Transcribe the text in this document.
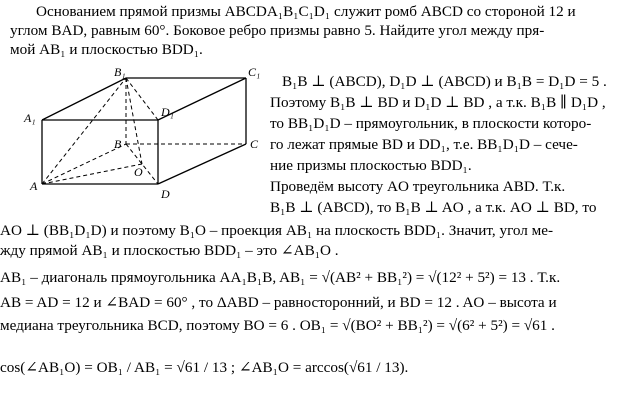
Основанием прямой призмы ABCDA₁B₁C₁D₁ служит ромб ABCD со стороной 12 и
углом BAD, равным 60°. Боковое ребро призмы равно 5. Найдите угол между пря-
мой AB₁ и плоскостью BDD₁.
A
B	C
D
A₁
B₁	C₁
D₁
O
B₁B ⊥ (ABCD), D₁D ⊥ (ABCD) и B₁B = D₁D = 5 .
Поэтому B₁B ⊥ BD и D₁D ⊥ BD , а т.к. B₁B ∥ D₁D ,
то BB₁D₁D – прямоугольник, в плоскости которо-
го лежат прямые BD и DD₁, т.е. BB₁D₁D – сече-
ние призмы плоскостью BDD₁.
Проведём высоту AO треугольника ABD. Т.к.
B₁B ⊥ (ABCD), то B₁B ⊥ AO , а т.к. AO ⊥ BD, то
AO ⊥ (BB₁D₁D) и поэтому B₁O – проекция AB₁ на плоскость BDD₁. Значит, угол ме-
жду прямой AB₁ и плоскостью BDD₁ – это ∠AB₁O .
AB₁ – диагональ прямоугольника AA₁B₁B, AB₁ = √(AB² + BB₁²) = √(12² + 5²) = 13 . Т.к.
AB = AD = 12 и ∠BAD = 60° , то ΔABD – равносторонний, и BD = 12 . AO – высота и
медиана треугольника BCD, поэтому BO = 6 . OB₁ = √(BO² + BB₁²) = √(6² + 5²) = √61 .
cos(∠AB₁O) = OB₁ / AB₁ = √61 / 13 ; ∠AB₁O = arccos(√61 / 13).
